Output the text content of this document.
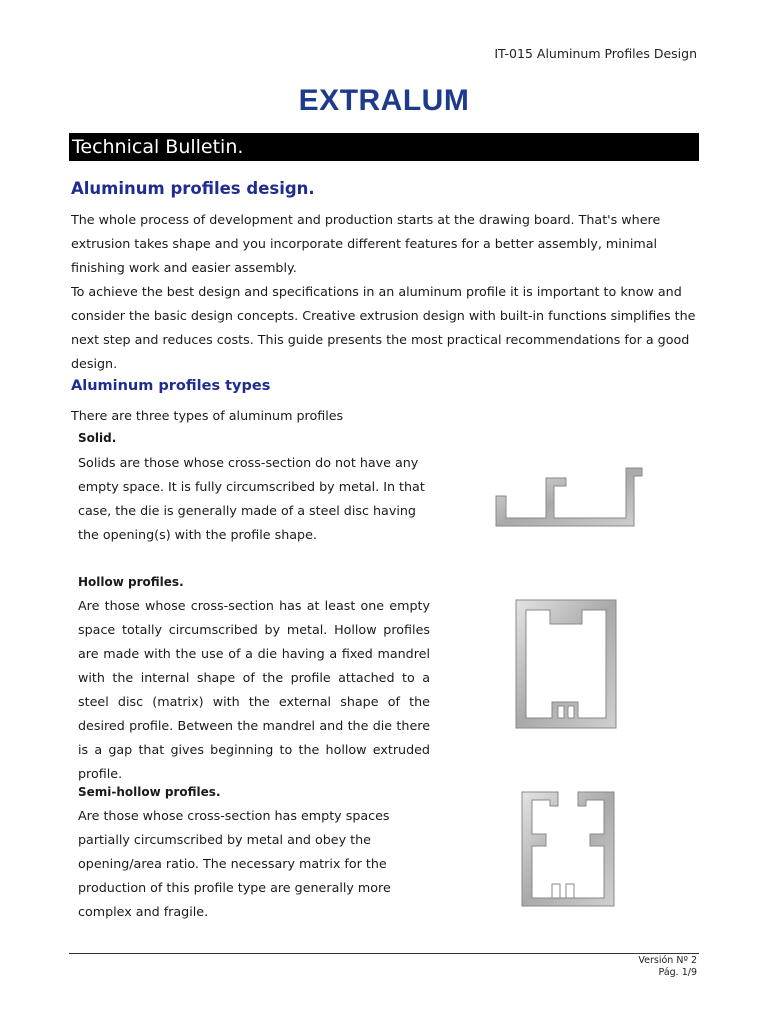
IT-015 Aluminum Profiles Design
EXTRALUM
Technical Bulletin.
Aluminum profiles design.
The whole process of development and production starts at the drawing board. That's where extrusion takes shape and you incorporate different features for a better assembly, minimal finishing work and easier assembly.
To achieve the best design and specifications in an aluminum profile it is important to know and consider the basic design concepts. Creative extrusion design with built-in functions simplifies the next step and reduces costs. This guide presents the most practical recommendations for a good design.
Aluminum profiles types
There are three types of aluminum profiles
Solid.
Solids are those whose cross-section do not have any empty space. It is fully circumscribed by metal. In that case, the die is generally made of a steel disc having the opening(s) with the profile shape.
Hollow profiles.
Are those whose cross-section has at least one empty space totally circumscribed by metal. Hollow profiles are made with the use of a die having a fixed mandrel with the internal shape of the profile attached to a steel disc (matrix) with the external shape of the desired profile. Between the mandrel and the die there is a gap that gives beginning to the hollow extruded profile.
Semi-hollow profiles.
Are those whose cross-section has empty spaces partially circumscribed by metal and obey the opening/area ratio. The necessary matrix for the production of this profile type are generally more complex and fragile.
Versión Nº 2
Pág. 1/9
